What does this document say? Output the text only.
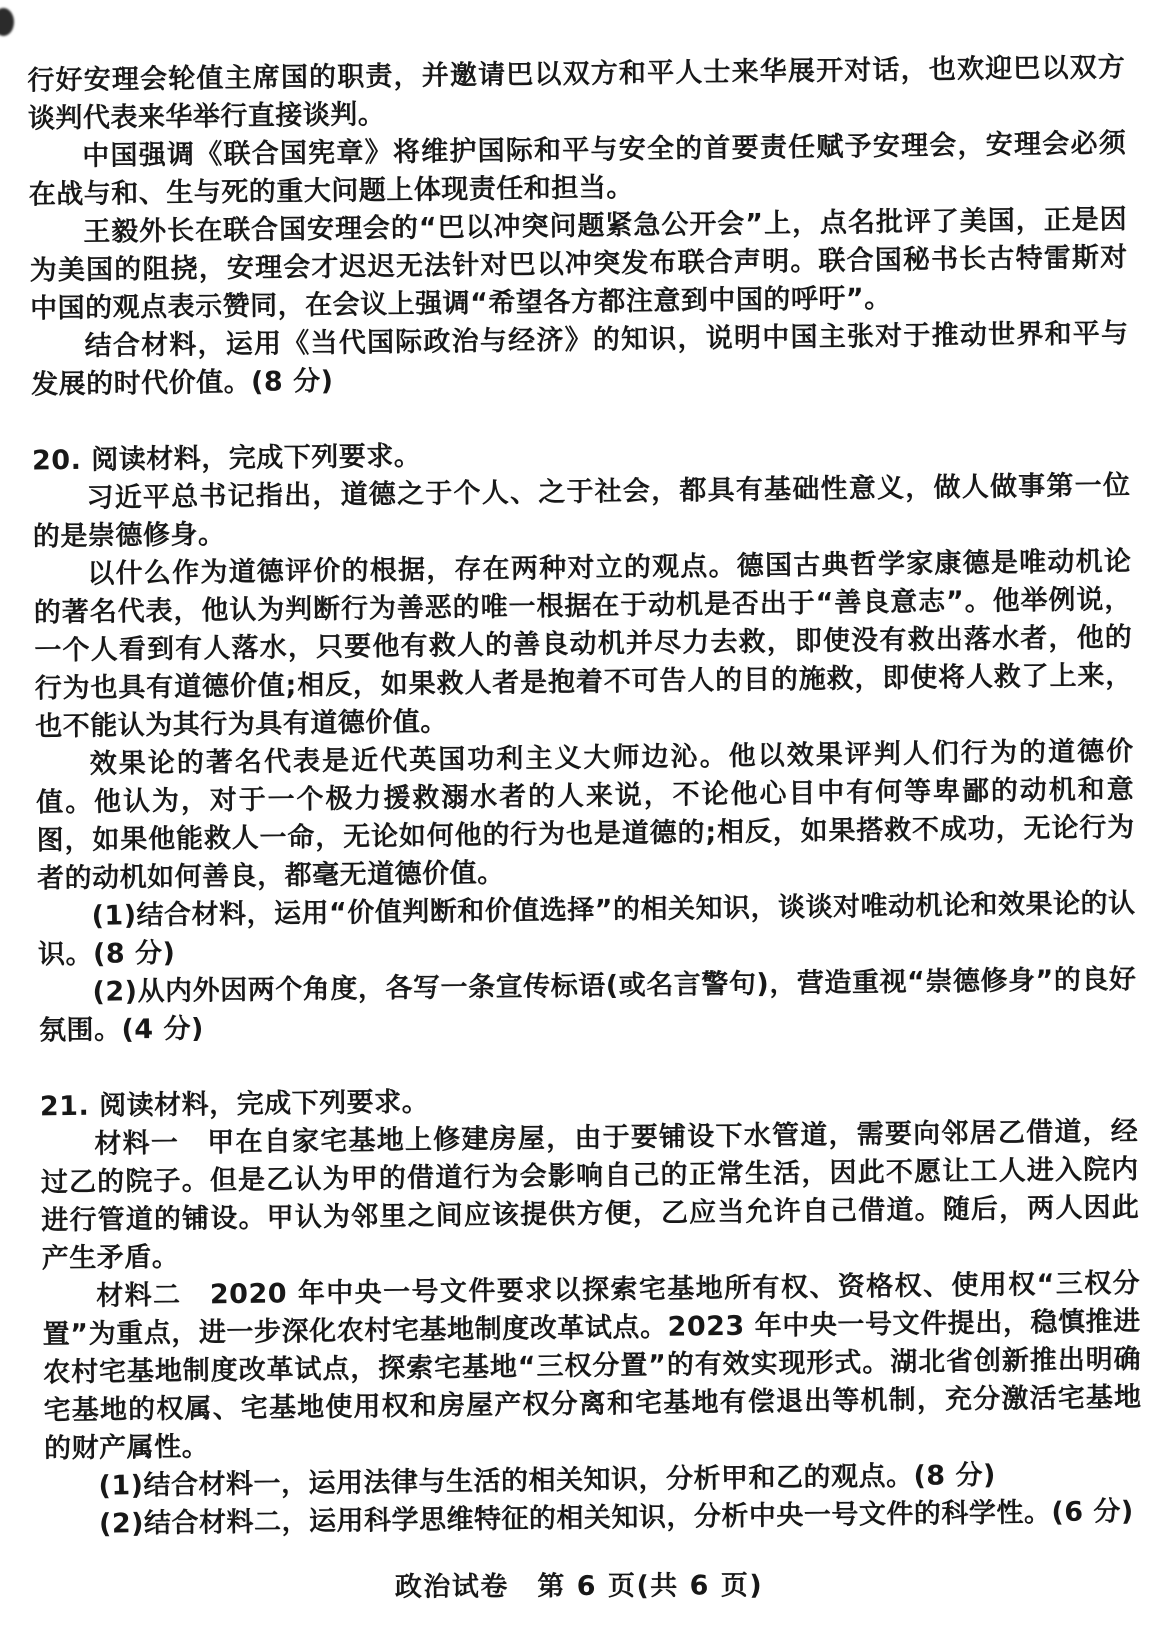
行好安理会轮值主席国的职责，并邀请巴以双方和平人士来华展开对话，也欢迎巴以双方谈判代表来华举行直接谈判。

中国强调《联合国宪章》将维护国际和平与安全的首要责任赋予安理会，安理会必须在战与和、生与死的重大问题上体现责任和担当。

王毅外长在联合国安理会的“巴以冲突问题紧急公开会”上，点名批评了美国，正是因为美国的阻挠，安理会才迟迟无法针对巴以冲突发布联合声明。联合国秘书长古特雷斯对中国的观点表示赞同，在会议上强调“希望各方都注意到中国的呼吁”。

结合材料，运用《当代国际政治与经济》的知识，说明中国主张对于推动世界和平与发展的时代价值。(8 分)

20. 阅读材料，完成下列要求。

习近平总书记指出，道德之于个人、之于社会，都具有基础性意义，做人做事第一位的是崇德修身。

以什么作为道德评价的根据，存在两种对立的观点。德国古典哲学家康德是唯动机论的著名代表，他认为判断行为善恶的唯一根据在于动机是否出于“善良意志”。他举例说，一个人看到有人落水，只要他有救人的善良动机并尽力去救，即使没有救出落水者，他的行为也具有道德价值;相反，如果救人者是抱着不可告人的目的施救，即使将人救了上来，也不能认为其行为具有道德价值。

效果论的著名代表是近代英国功利主义大师边沁。他以效果评判人们行为的道德价值。他认为，对于一个极力援救溺水者的人来说，不论他心目中有何等卑鄙的动机和意图，如果他能救人一命，无论如何他的行为也是道德的;相反，如果搭救不成功，无论行为者的动机如何善良，都毫无道德价值。

(1)结合材料，运用“价值判断和价值选择”的相关知识，谈谈对唯动机论和效果论的认识。(8 分)

(2)从内外因两个角度，各写一条宣传标语(或名言警句)，营造重视“崇德修身”的良好氛围。(4 分)

21. 阅读材料，完成下列要求。

材料一　甲在自家宅基地上修建房屋，由于要铺设下水管道，需要向邻居乙借道，经过乙的院子。但是乙认为甲的借道行为会影响自己的正常生活，因此不愿让工人进入院内进行管道的铺设。甲认为邻里之间应该提供方便，乙应当允许自己借道。随后，两人因此产生矛盾。

材料二　2020 年中央一号文件要求以探索宅基地所有权、资格权、使用权“三权分置”为重点，进一步深化农村宅基地制度改革试点。2023 年中央一号文件提出，稳慎推进农村宅基地制度改革试点，探索宅基地“三权分置”的有效实现形式。湖北省创新推出明确宅基地的权属、宅基地使用权和房屋产权分离和宅基地有偿退出等机制，充分激活宅基地的财产属性。

(1)结合材料一，运用法律与生活的相关知识，分析甲和乙的观点。(8 分)

(2)结合材料二，运用科学思维特征的相关知识，分析中央一号文件的科学性。(6 分)

政治试卷　第 6 页(共 6 页)
